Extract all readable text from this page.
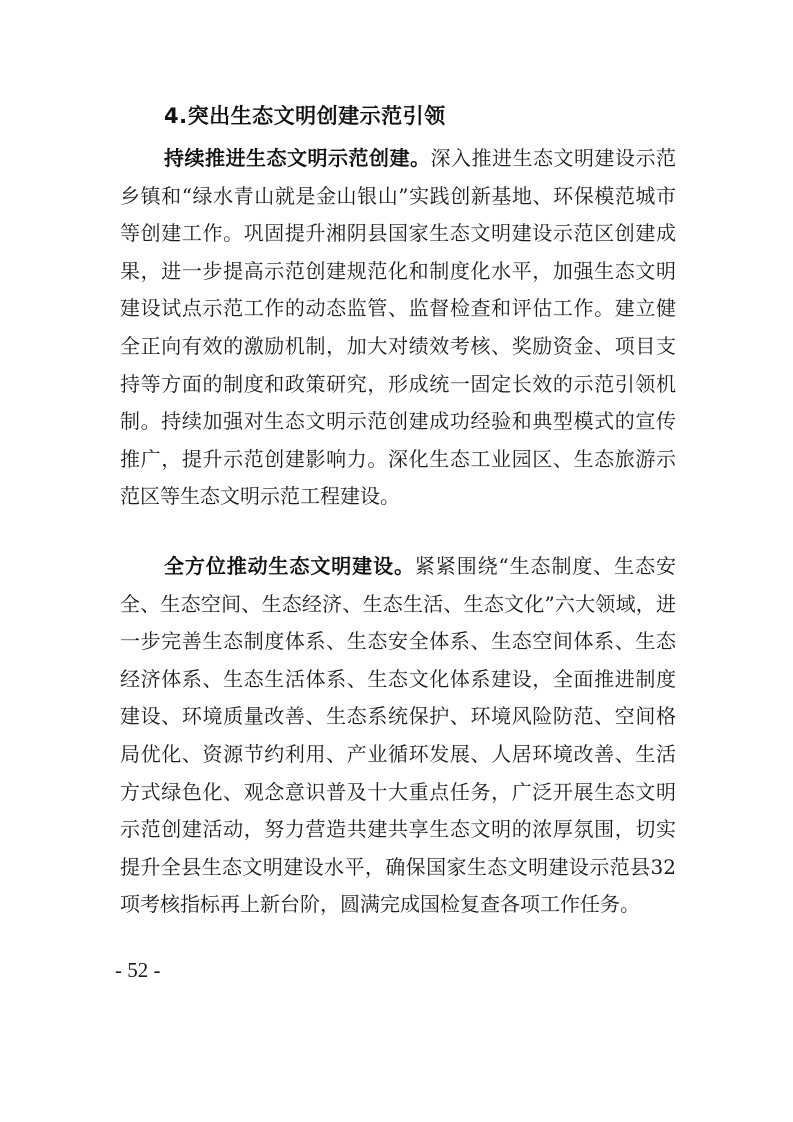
4.突出生态文明创建示范引领

持续推进生态文明示范创建。深入推进生态文明建设示范乡镇和“绿水青山就是金山银山”实践创新基地、环保模范城市等创建工作。巩固提升湘阴县国家生态文明建设示范区创建成果，进一步提高示范创建规范化和制度化水平，加强生态文明建设试点示范工作的动态监管、监督检查和评估工作。建立健全正向有效的激励机制，加大对绩效考核、奖励资金、项目支持等方面的制度和政策研究，形成统一固定长效的示范引领机制。持续加强对生态文明示范创建成功经验和典型模式的宣传推广，提升示范创建影响力。深化生态工业园区、生态旅游示范区等生态文明示范工程建设。

全方位推动生态文明建设。紧紧围绕“生态制度、生态安全、生态空间、生态经济、生态生活、生态文化”六大领域，进一步完善生态制度体系、生态安全体系、生态空间体系、生态经济体系、生态生活体系、生态文化体系建设，全面推进制度建设、环境质量改善、生态系统保护、环境风险防范、空间格局优化、资源节约利用、产业循环发展、人居环境改善、生活方式绿色化、观念意识普及十大重点任务，广泛开展生态文明示范创建活动，努力营造共建共享生态文明的浓厚氛围，切实提升全县生态文明建设水平，确保国家生态文明建设示范县32项考核指标再上新台阶，圆满完成国检复查各项工作任务。

- 52 -
